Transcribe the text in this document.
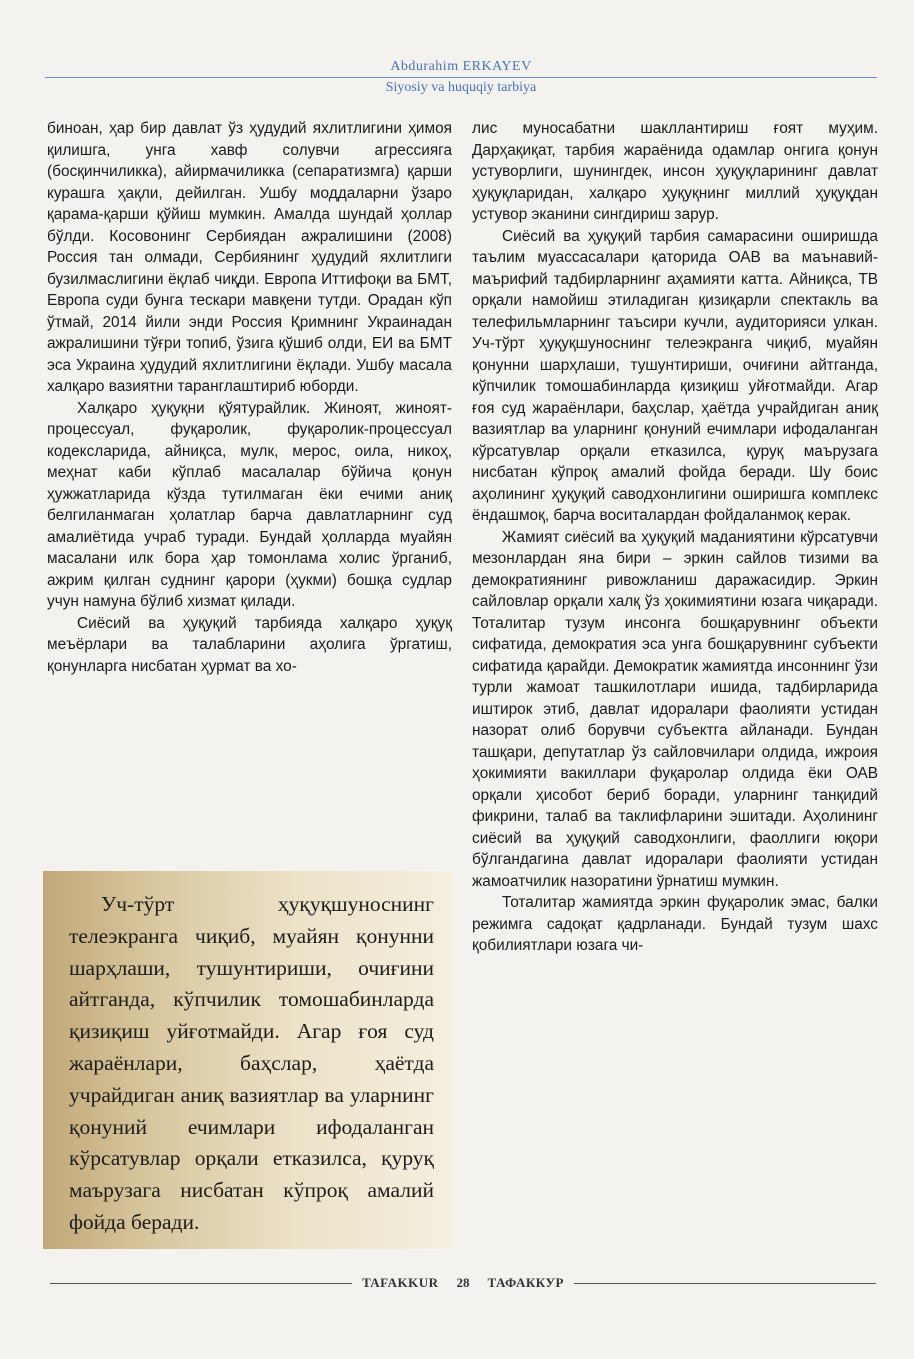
Abdurahim ERKAYEV
Siyosiy va huquqiy tarbiya

биноан, ҳар бир давлат ўз ҳудудий яхлитлигини ҳимоя қилишга, унга хавф солувчи агрессияга (босқинчиликка), айирмачиликка (сепаратизмга) қарши курашга ҳақли, дейилган. Ушбу моддаларни ўзаро қарама-қарши қўйиш мумкин. Амалда шундай ҳоллар бўлди. Косовонинг Сербиядан ажралишини (2008) Россия тан олмади, Сербиянинг ҳудудий яхлитлиги бузилмаслигини ёқлаб чиқди. Европа Иттифоқи ва БМТ, Европа суди бунга тескари мавқени тутди. Орадан кўп ўтмай, 2014 йили энди Россия Қримнинг Украинадан ажралишини тўғри топиб, ўзига қўшиб олди, ЕИ ва БМТ эса Украина ҳудудий яхлитлигини ёқлади. Ушбу масала халқаро вазиятни таранглаштириб юборди.

Халқаро ҳуқуқни қўятурайлик. Жиноят, жиноят-процессуал, фуқаролик, фуқаролик-процессуал кодексларида, айниқса, мулк, мерос, оила, никоҳ, меҳнат каби кўплаб масалалар бўйича қонун ҳужжатларида кўзда тутилмаган ёки ечими аниқ белгиланмаган ҳолатлар барча давлатларнинг суд амалиётида учраб туради. Бундай ҳолларда муайян масалани илк бора ҳар томонлама холис ўрганиб, ажрим қилган суднинг қарори (ҳукми) бошқа судлар учун намуна бўлиб хизмат қилади.

Сиёсий ва ҳуқуқий тарбияда халқаро ҳуқуқ меъёрлари ва талабларини аҳолига ўргатиш, қонунларга нисбатан ҳурмат ва хо-

Уч-тўрт ҳуқуқшуноснинг телеэкранга чиқиб, муайян қонунни шарҳлаши, тушунтириши, очиғини айтганда, кўпчилик томошабинларда қизиқиш уйғотмайди. Агар ғоя суд жараёнлари, баҳслар, ҳаётда учрайдиган аниқ вазиятлар ва уларнинг қонуний ечимлари ифодаланган кўрсатувлар орқали етказилса, қуруқ маърузага нисбатан кўпроқ амалий фойда беради.

лис муносабатни шакллантириш ғоят муҳим. Дарҳақиқат, тарбия жараёнида одамлар онгига қонун устуворлиги, шунингдек, инсон ҳуқуқларининг давлат ҳуқуқларидан, халқаро ҳуқуқнинг миллий ҳуқуқдан устувор эканини сингдириш зарур.

Сиёсий ва ҳуқуқий тарбия самарасини оширишда таълим муассасалари қаторида ОАВ ва маънавий-маърифий тадбирларнинг аҳамияти катта. Айниқса, ТВ орқали намойиш этиладиган қизиқарли спектакль ва телефильмларнинг таъсири кучли, аудиторияси улкан. Уч-тўрт ҳуқуқшуноснинг телеэкранга чиқиб, муайян қонунни шарҳлаши, тушунтириши, очиғини айтганда, кўпчилик томошабинларда қизиқиш уйғотмайди. Агар ғоя суд жараёнлари, баҳслар, ҳаётда учрайдиган аниқ вазиятлар ва уларнинг қонуний ечимлари ифодаланган кўрсатувлар орқали етказилса, қуруқ маърузага нисбатан кўпроқ амалий фойда беради. Шу боис аҳолининг ҳуқуқий саводхонлигини оширишга комплекс ёндашмоқ, барча воситалардан фойдаланмоқ керак.

Жамият сиёсий ва ҳуқуқий маданиятини кўрсатувчи мезонлардан яна бири – эркин сайлов тизими ва демократиянинг ривожланиш даражасидир. Эркин сайловлар орқали халқ ўз ҳокимиятини юзага чиқаради. Тоталитар тузум инсонга бошқарувнинг объекти сифатида, демократия эса унга бошқарувнинг субъекти сифатида қарайди. Демократик жамиятда инсоннинг ўзи турли жамоат ташкилотлари ишида, тадбирларида иштирок этиб, давлат идоралари фаолияти устидан назорат олиб борувчи субъектга айланади. Бундан ташқари, депутатлар ўз сайловчилари олдида, ижроия ҳокимияти вакиллари фуқаролар олдида ёки ОАВ орқали ҳисобот бериб боради, уларнинг танқидий фикрини, талаб ва таклифларини эшитади. Аҳолининг сиёсий ва ҳуқуқий саводхонлиги, фаоллиги юқори бўлгандагина давлат идоралари фаолияти устидан жамоатчилик назоратини ўрнатиш мумкин.

Тоталитар жамиятда эркин фуқаролик эмас, балки режимга садоқат қадрланади. Бундай тузум шахс қобилиятлари юзага чи-

TAFAKKUR	28	ТАФАККУР
